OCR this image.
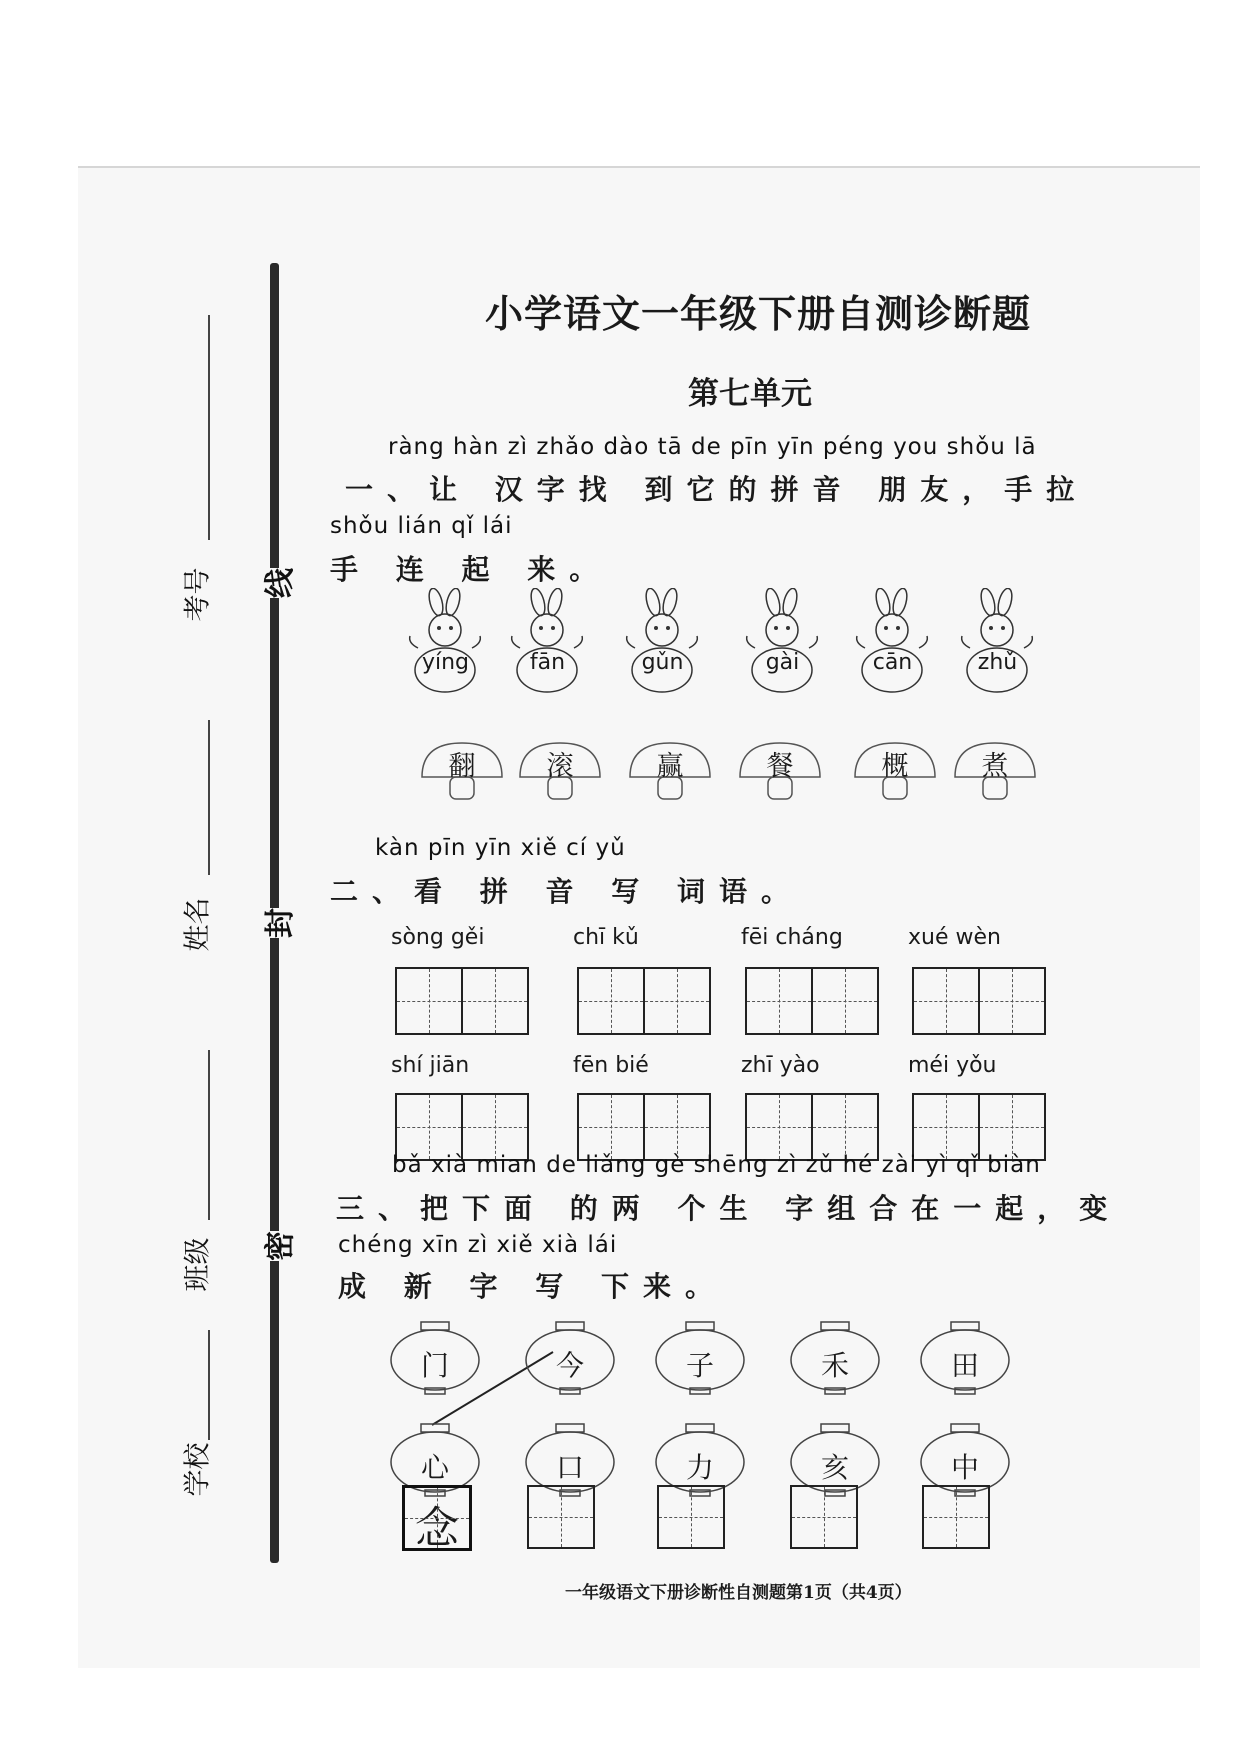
考号
姓名
班级
学校
线
封
密
小学语文一年级下册自测诊断题
第七单元
ràng hàn zì zhǎo dào tā de pīn yīn péng you shǒu lā
一、让 汉字找 到它的拼音 朋友，手拉
shǒu lián qǐ lái
手 连 起 来。
yíng	fān	gǔn	gài	cān	zhǔ
翻	滚	赢	餐	概	煮
kàn pīn yīn xiě cí yǔ
二、看 拼 音 写 词语。
sòng gěi	chī kǔ	fēi cháng	xué wèn
shí jiān	fēn bié	zhī yào	méi yǒu
bǎ xià mian de liǎng gè shēng zì zǔ hé zài yì qǐ biàn
三、把下面 的两 个生 字组合在一起，变
chéng xīn zì xiě xià lái
成 新 字 写 下来。
门	今	子	禾	田
心	口	力	亥	中
念
一年级语文下册诊断性自测题第1页（共4页）
